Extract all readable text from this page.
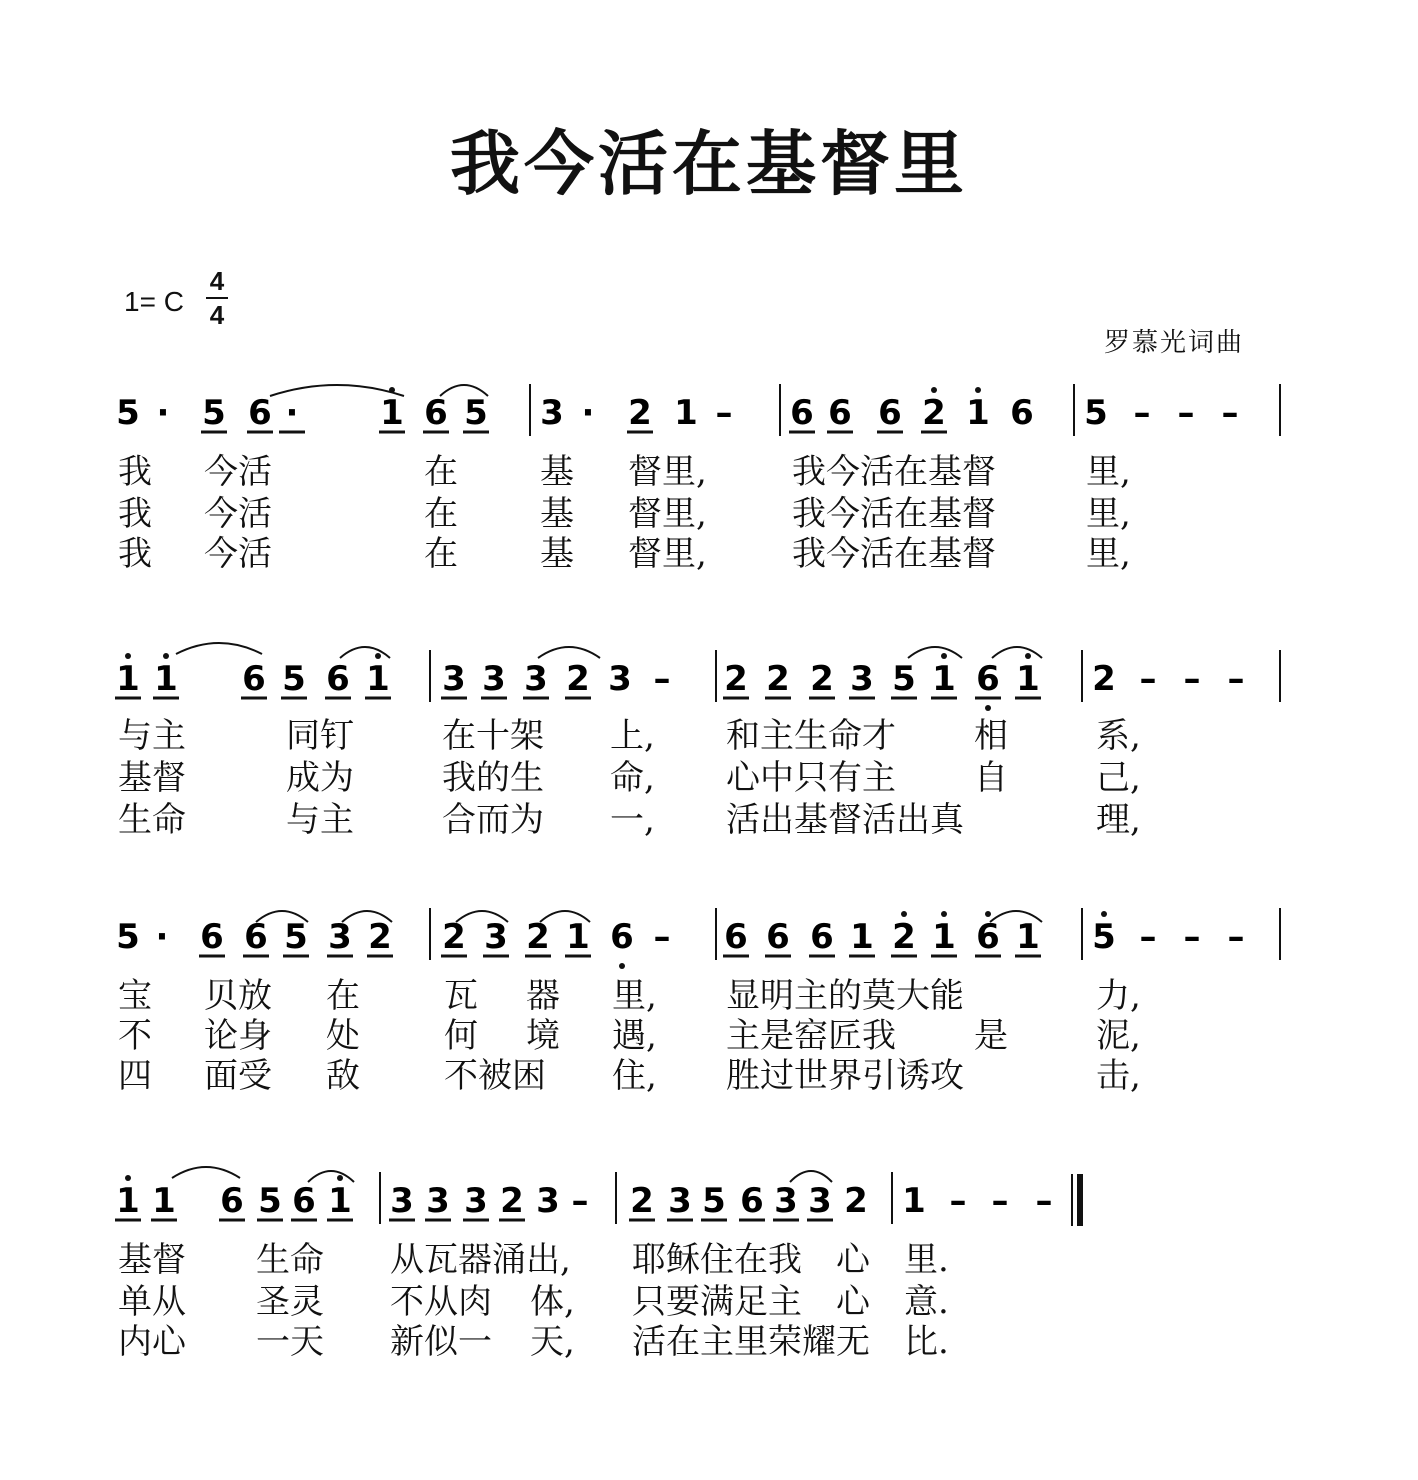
我今活在基督里
1= C
4
4
罗慕光词曲
5 · 5 6 · 1 6 5 3 · 2 1 – 6 6 6 2 1 6 5 – – –
1 1 6 5 6 1 3 3 3 2 3 – 2 2 2 3 5 1 6 1 2 – – –
5 · 6 6 5 3 2 2 3 2 1 6 – 6 6 6 1 2 1 6 1 5 – – –
1 1 6 5 6 1 3 3 3 2 3 – 2 3 5 6 3 3 2 1 – – –
我 今活	在 基 督里,	我今活在基督	里,
我 今活	在 基 督里,	我今活在基督	里,
我 今活	在 基 督里,	我今活在基督	里,
与主	同钉	在十架 上, 和主生命才 相	系,
基督	成为	我的生 命, 心中只有主 自	己,
生命	与主	合而为 一, 活出基督活出真	理,
宝 贝放 在 瓦 器 里, 显明主的莫大能	力,
不 论身 处 何 境 遇, 主是窑匠我 是	泥,
四 面受 敌 不被困 住, 胜过世界引诱攻	击,
基督 生命 从瓦器涌出, 耶稣住在我 心 里.
单从 圣灵 不从肉 体, 只要满足主 心 意.
内心 一天 新似一 天, 活在主里荣耀无 比.
